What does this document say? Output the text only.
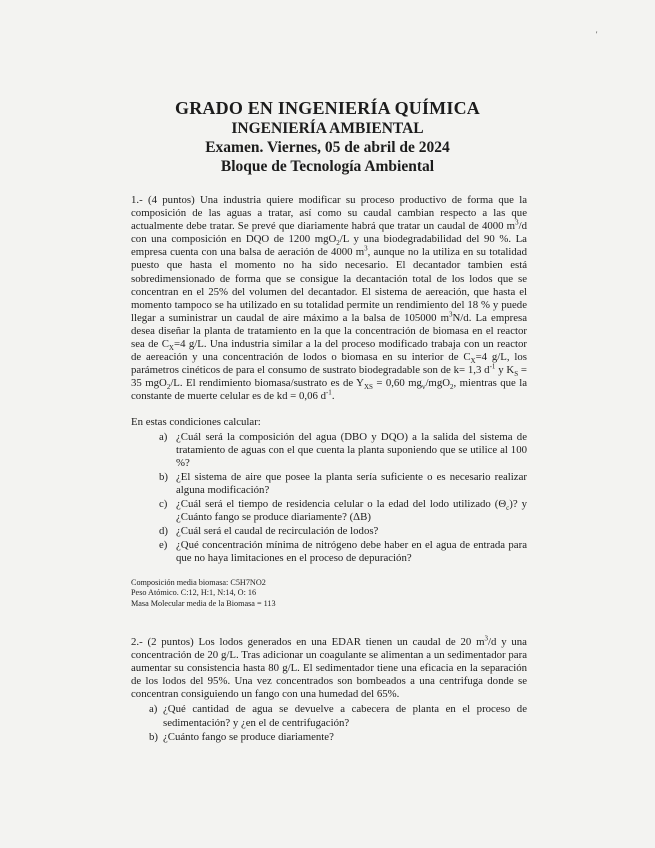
'
GRADO EN INGENIERÍA QUÍMICA
INGENIERÍA AMBIENTAL
Examen. Viernes, 05 de abril de 2024
Bloque de Tecnología Ambiental
1.- (4 puntos) Una industria quiere modificar su proceso productivo de forma que la composición de las aguas a tratar, así como su caudal cambian respecto a las que actualmente debe tratar. Se prevé que diariamente habrá que tratar un caudal de 4000 $m^3/d$ con una composición en DQO de 1200 mgO$_2$/L y una biodegradabilidad del 90 %. La empresa cuenta con una balsa de aeración de 4000 $m^3$, aunque no la utiliza en su totalidad puesto que hasta el momento no ha sido necesario. El decantador tambien está sobredimensionado de forma que se consigue la decantación total de los lodos que se concentran en el 25% del volumen del decantador. El sistema de aereación, que hasta el momento tampoco se ha utilizado en su totalidad permite un rendimiento del 18 % y puede llegar a suministrar un caudal de aire máximo a la balsa de 105000 $m^3N/d$. La empresa desea diseñar la planta de tratamiento en la que la concentración de biomasa en el reactor sea de $C_X=4$ g/L. Una industria similar a la del proceso modificado trabaja con un reactor de aereación y una concentración de lodos o biomasa en su interior de $C_X=4$ g/L, los parámetros cinéticos de para el consumo de sustrato biodegradable son de k= 1,3 $d^{-1}$ y $K_S = 35$ mgO$_2$/L. El rendimiento biomasa/sustrato es de $Y_{XS} = 0,60$ $mg_v/mgO_2$, mientras que la constante de muerte celular es de kd = 0,06 $d^{-1}$.
En estas condiciones calcular:
a) ¿Cuál será la composición del agua (DBO y DQO) a la salida del sistema de tratamiento de aguas con el que cuenta la planta suponiendo que se utilice al 100 %?
b) ¿El sistema de aire que posee la planta sería suficiente o es necesario realizar alguna modificación?
c) ¿Cuál será el tiempo de residencia celular o la edad del lodo utilizado $(\Theta_c)$? y ¿Cuánto fango se produce diariamente? (ΔB)
d) ¿Cuál será el caudal de recirculación de lodos?
e) ¿Qué concentración mínima de nitrógeno debe haber en el agua de entrada para que no haya limitaciones en el proceso de depuración?
Composición media biomasa: C5H7NO2
Peso Atómico. C:12, H:1, N:14, O: 16
Masa Molecular media de la Biomasa = 113
2.- (2 puntos) Los lodos generados en una EDAR tienen un caudal de 20 $m^3/d$ y una concentración de 20 g/L. Tras adicionar un coagulante se alimentan a un sedimentador para aumentar su consistencia hasta 80 g/L. El sedimentador tiene una eficacia en la separación de los lodos del 95%. Una vez concentrados son bombeados a una centrifuga donde se concentran consiguiendo un fango con una humedad del 65%.
a) ¿Qué cantidad de agua se devuelve a cabecera de planta en el proceso de sedimentación? y ¿en el de centrifugación?
b) ¿Cuánto fango se produce diariamente?
